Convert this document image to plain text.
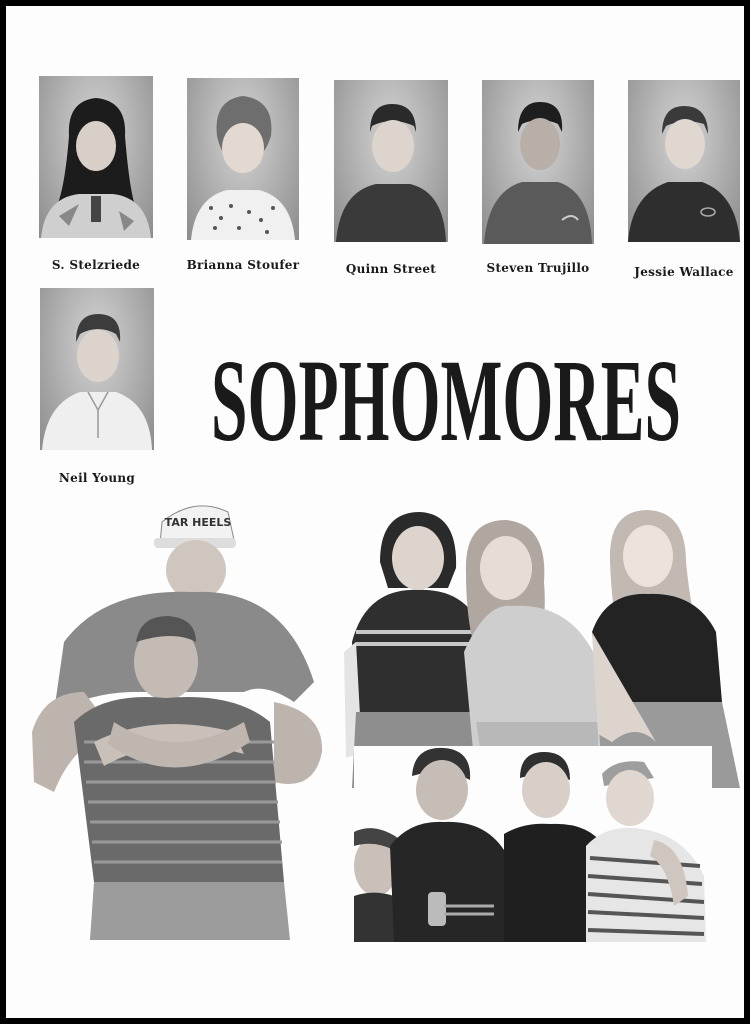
S. Stelzriede	Brianna Stoufer	Quinn Street	Steven Trujillo	Jessie Wallace
Neil Young
SOPHOMORES
TAR HEELS
